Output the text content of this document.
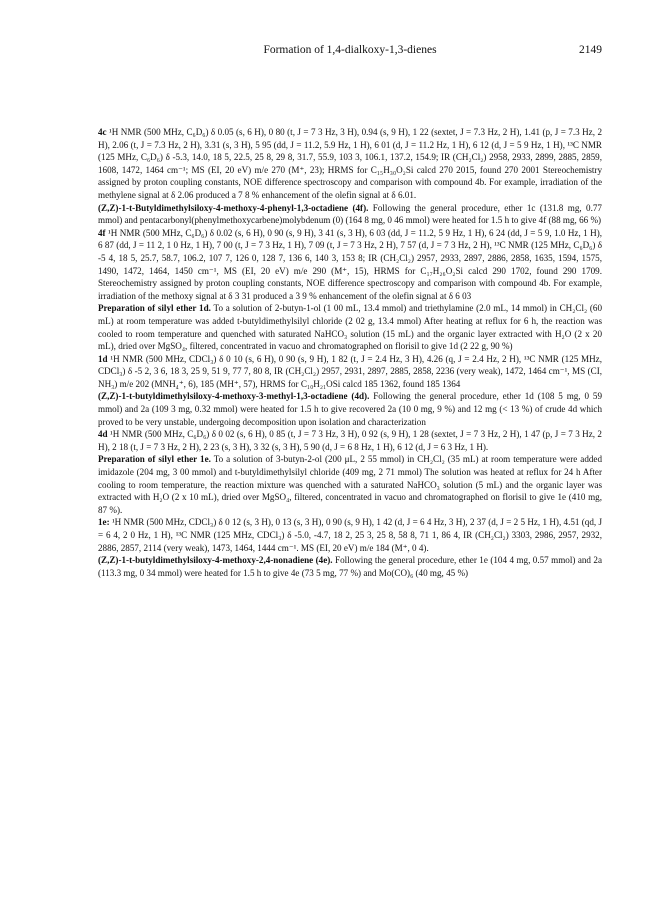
Formation of 1,4-dialkoxy-1,3-dienes	2149

4c ¹H NMR (500 MHz, C₆D₆) δ 0.05 (s, 6 H), 0 80 (t, J = 7 3 Hz, 3 H), 0.94 (s, 9 H), 1 22 (sextet, J = 7.3 Hz, 2 H), 1.41 (p, J = 7.3 Hz, 2 H), 2.06 (t, J = 7.3 Hz, 2 H), 3.31 (s, 3 H), 5 95 (dd, J = 11.2, 5.9 Hz, 1 H), 6 01 (d, J = 11.2 Hz, 1 H), 6 12 (d, J = 5 9 Hz, 1 H), ¹³C NMR (125 MHz, C₆D₆) δ -5.3, 14.0, 18 5, 22.5, 25 8, 29 8, 31.7, 55.9, 103 3, 106.1, 137.2, 154.9; IR (CH₂Cl₂) 2958, 2933, 2899, 2885, 2859, 1608, 1472, 1464 cm⁻¹; MS (EI, 20 eV) m/e 270 (M⁺, 23); HRMS for C₁₅H₃₀O₂Si calcd 270 2015, found 270 2001 Stereochemistry assigned by proton coupling constants, NOE difference spectroscopy and comparison with compound 4b. For example, irradiation of the methylene signal at δ 2.06 produced a 7 8 % enhancement of the olefin signal at δ 6.01.

(Z,Z)-1-t-Butyldimethylsiloxy-4-methoxy-4-phenyl-1,3-octadiene (4f). Following the general procedure, ether 1c (131.8 mg, 0.77 mmol) and pentacarbonyl(phenylmethoxycarbene)molybdenum (0) (164 8 mg, 0 46 mmol) were heated for 1.5 h to give 4f (88 mg, 66 %)

4f ¹H NMR (500 MHz, C₆D₆) δ 0.02 (s, 6 H), 0 90 (s, 9 H), 3 41 (s, 3 H), 6 03 (dd, J = 11.2, 5 9 Hz, 1 H), 6 24 (dd, J = 5 9, 1.0 Hz, 1 H), 6 87 (dd, J = 11 2, 1 0 Hz, 1 H), 7 00 (t, J = 7 3 Hz, 1 H), 7 09 (t, J = 7 3 Hz, 2 H), 7 57 (d, J = 7 3 Hz, 2 H), ¹³C NMR (125 MHz, C₆D₆) δ -5 4, 18 5, 25.7, 58.7, 106.2, 107 7, 126 0, 128 7, 136 6, 140 3, 153 8; IR (CH₂Cl₂) 2957, 2933, 2897, 2886, 2858, 1635, 1594, 1575, 1490, 1472, 1464, 1450 cm⁻¹, MS (EI, 20 eV) m/e 290 (M⁺, 15), HRMS for C₁₇H₂₆O₂Si calcd 290 1702, found 290 1709. Stereochemistry assigned by proton coupling constants, NOE difference spectroscopy and comparison with compound 4b. For example, irradiation of the methoxy signal at δ 3 31 produced a 3 9 % enhancement of the olefin signal at δ 6 03

Preparation of silyl ether 1d. To a solution of 2-butyn-1-ol (1 00 mL, 13.4 mmol) and triethylamine (2.0 mL, 14 mmol) in CH₂Cl₂ (60 mL) at room temperature was added t-butyldimethylsilyl chloride (2 02 g, 13.4 mmol) After heating at reflux for 6 h, the reaction was cooled to room temperature and quenched with saturated NaHCO₃ solution (15 mL) and the organic layer extracted with H₂O (2 x 20 mL), dried over MgSO₄, filtered, concentrated in vacuo and chromatographed on florisil to give 1d (2 22 g, 90 %)

1d ¹H NMR (500 MHz, CDCl₃) δ 0 10 (s, 6 H), 0 90 (s, 9 H), 1 82 (t, J = 2.4 Hz, 3 H), 4.26 (q, J = 2.4 Hz, 2 H), ¹³C NMR (125 MHz, CDCl₃) δ -5 2, 3 6, 18 3, 25 9, 51 9, 77 7, 80 8, IR (CH₂Cl₂) 2957, 2931, 2897, 2885, 2858, 2236 (very weak), 1472, 1464 cm⁻¹, MS (CI, NH₃) m/e 202 (MNH₄⁺, 6), 185 (MH⁺, 57), HRMS for C₁₀H₂₁OSi calcd 185 1362, found 185 1364

(Z,Z)-1-t-butyldimethylsiloxy-4-methoxy-3-methyl-1,3-octadiene (4d). Following the general procedure, ether 1d (108 5 mg, 0 59 mmol) and 2a (109 3 mg, 0.32 mmol) were heated for 1.5 h to give recovered 2a (10 0 mg, 9 %) and 12 mg (< 13 %) of crude 4d which proved to be very unstable, undergoing decomposition upon isolation and characterization

4d ¹H NMR (500 MHz, C₆D₆) δ 0 02 (s, 6 H), 0 85 (t, J = 7 3 Hz, 3 H), 0 92 (s, 9 H), 1 28 (sextet, J = 7 3 Hz, 2 H), 1 47 (p, J = 7 3 Hz, 2 H), 2 18 (t, J = 7 3 Hz, 2 H), 2 23 (s, 3 H), 3 32 (s, 3 H), 5 90 (d, J = 6 8 Hz, 1 H), 6 12 (d, J = 6 3 Hz, 1 H).

Preparation of silyl ether 1e. To a solution of 3-butyn-2-ol (200 μL, 2 55 mmol) in CH₂Cl₂ (35 mL) at room temperature were added imidazole (204 mg, 3 00 mmol) and t-butyldimethylsilyl chloride (409 mg, 2 71 mmol) The solution was heated at reflux for 24 h After cooling to room temperature, the reaction mixture was quenched with a saturated NaHCO₃ solution (5 mL) and the organic layer was extracted with H₂O (2 x 10 mL), dried over MgSO₄, filtered, concentrated in vacuo and chromatographed on florisil to give 1e (410 mg, 87 %).

1e: ¹H NMR (500 MHz, CDCl₃) δ 0 12 (s, 3 H), 0 13 (s, 3 H), 0 90 (s, 9 H), 1 42 (d, J = 6 4 Hz, 3 H), 2 37 (d, J = 2 5 Hz, 1 H), 4.51 (qd, J = 6 4, 2 0 Hz, 1 H), ¹³C NMR (125 MHz, CDCl₃) δ -5.0, -4.7, 18 2, 25 3, 25 8, 58 8, 71 1, 86 4, IR (CH₂Cl₂) 3303, 2986, 2957, 2932, 2886, 2857, 2114 (very weak), 1473, 1464, 1444 cm⁻¹. MS (EI, 20 eV) m/e 184 (M⁺, 0 4).

(Z,Z)-1-t-butyldimethylsiloxy-4-methoxy-2,4-nonadiene (4e). Following the general procedure, ether 1e (104 4 mg, 0.57 mmol) and 2a (113.3 mg, 0 34 mmol) were heated for 1.5 h to give 4e (73 5 mg, 77 %) and Mo(CO)₆ (40 mg, 45 %)
